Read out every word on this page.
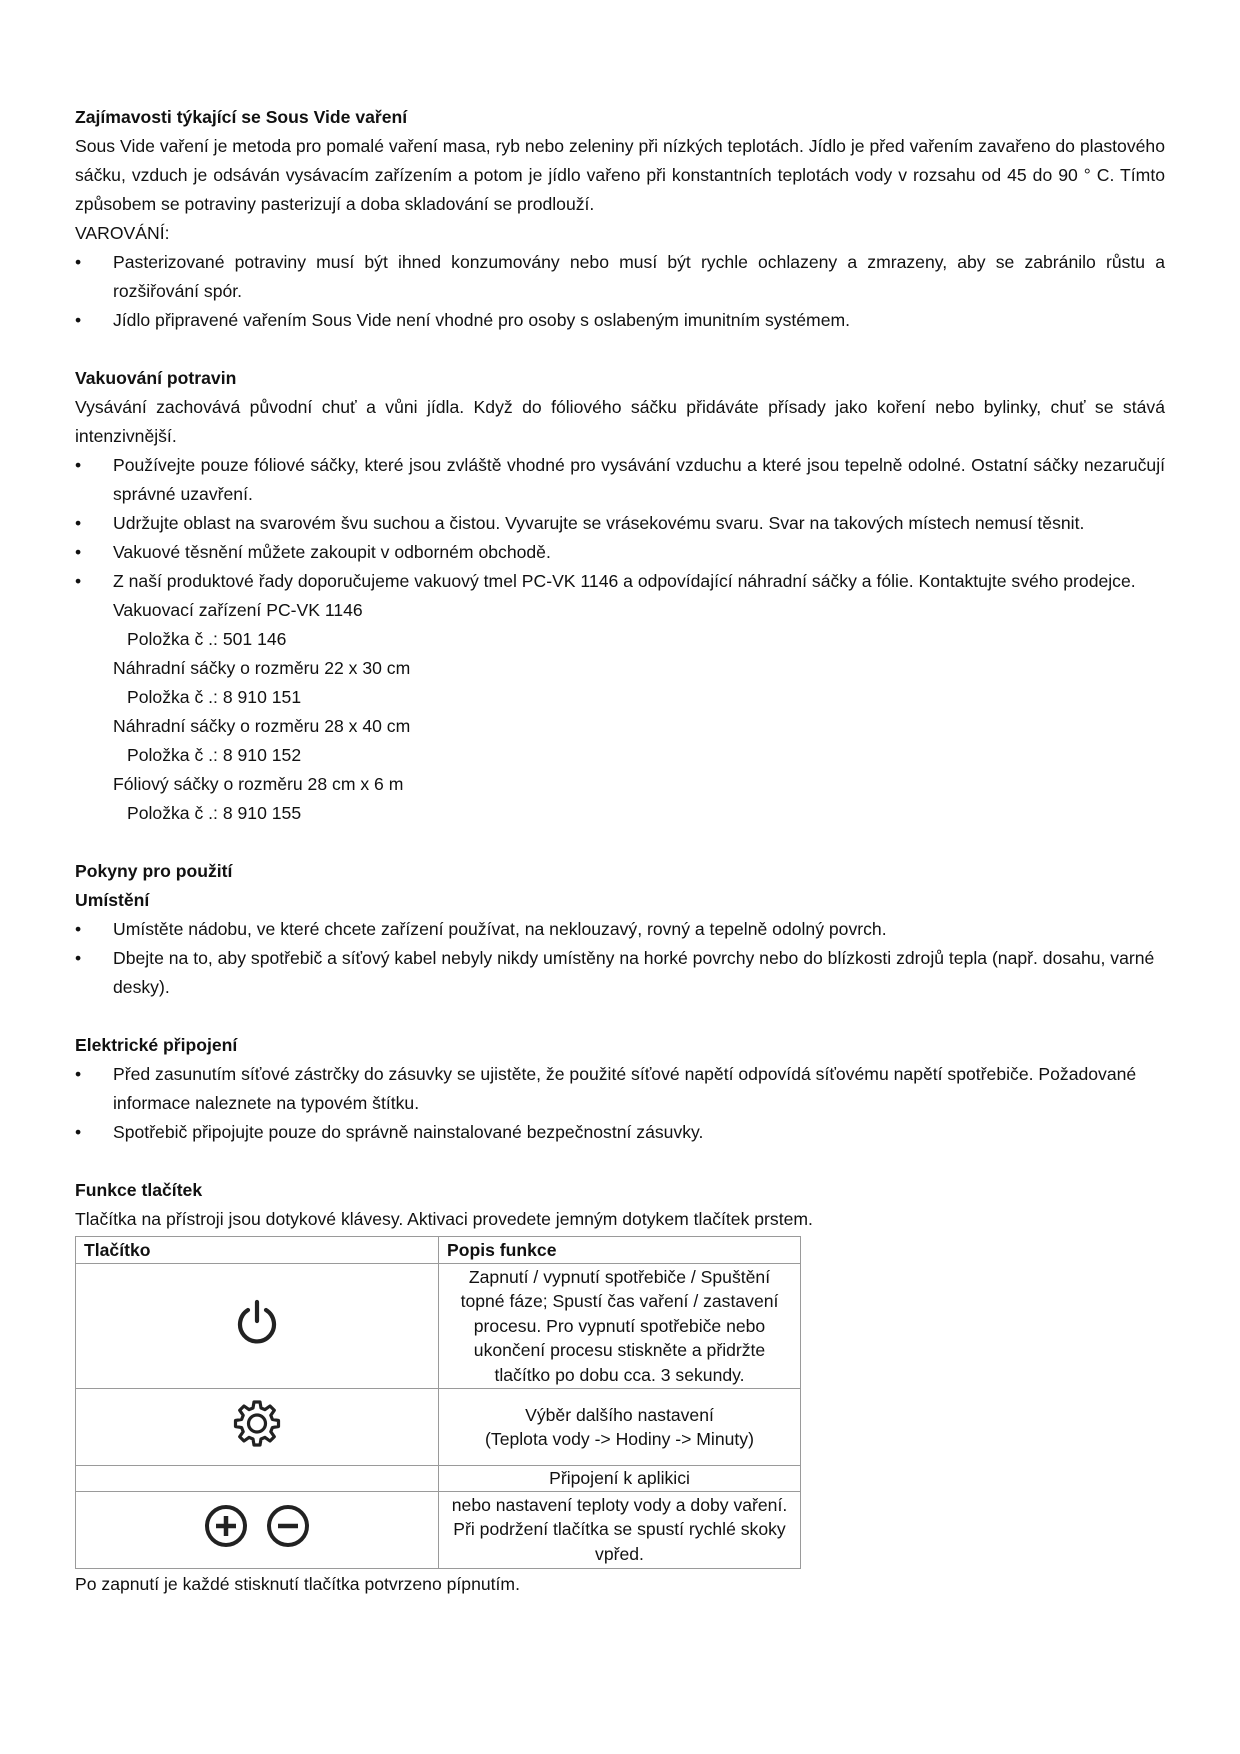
Zajímavosti týkající se Sous Vide vaření

Sous Vide vaření je metoda pro pomalé vaření masa, ryb nebo zeleniny při nízkých teplotách. Jídlo je před vařením zavařeno do plastového sáčku, vzduch je odsáván vysávacím zařízením a potom je jídlo vařeno při konstantních teplotách vody v rozsahu od 45 do 90 ° C. Tímto způsobem se potraviny pasterizují a doba skladování se prodlouží.

VAROVÁNÍ:

• Pasterizované potraviny musí být ihned konzumovány nebo musí být rychle ochlazeny a zmrazeny, aby se zabránilo růstu a rozšiřování spór.

• Jídlo připravené vařením Sous Vide není vhodné pro osoby s oslabeným imunitním systémem.

Vakuování potravin

Vysávání zachovává původní chuť a vůni jídla. Když do fóliového sáčku přidáváte přísady jako koření nebo bylinky, chuť se stává intenzivnější.

• Používejte pouze fóliové sáčky, které jsou zvláště vhodné pro vysávání vzduchu a které jsou tepelně odolné. Ostatní sáčky nezaručují správné uzavření.

• Udržujte oblast na svarovém švu suchou a čistou. Vyvarujte se vrásekovému svaru. Svar na takových místech nemusí těsnit.

• Vakuové těsnění můžete zakoupit v odborném obchodě.

• Z naší produktové řady doporučujeme vakuový tmel PC-VK 1146 a odpovídající náhradní sáčky a fólie. Kontaktujte svého prodejce.

Vakuovací zařízení PC-VK 1146

Položka č .: 501 146

Náhradní sáčky o rozměru 22 x 30 cm

Položka č .: 8 910 151

Náhradní sáčky o rozměru 28 x 40 cm

Položka č .: 8 910 152

Fóliový sáčky o rozměru 28 cm x 6 m

Položka č .: 8 910 155

Pokyny pro použití

Umístění

• Umístěte nádobu, ve které chcete zařízení používat, na neklouzavý, rovný a tepelně odolný povrch.

• Dbejte na to, aby spotřebič a síťový kabel nebyly nikdy umístěny na horké povrchy nebo do blízkosti zdrojů tepla (např. dosahu, varné desky).

Elektrické připojení

• Před zasunutím síťové zástrčky do zásuvky se ujistěte, že použité síťové napětí odpovídá síťovému napětí spotřebiče. Požadované informace naleznete na typovém štítku.

• Spotřebič připojujte pouze do správně nainstalované bezpečnostní zásuvky.

Funkce tlačítek

Tlačítka na přístroji jsou dotykové klávesy. Aktivaci provedete jemným dotykem tlačítek prstem.

Tlačítko	Popis funkce
	Zapnutí / vypnutí spotřebiče / Spuštění topné fáze; Spustí čas vaření / zastavení procesu. Pro vypnutí spotřebiče nebo ukončení procesu stiskněte a přidržte tlačítko po dobu cca. 3 sekundy.
	Výběr dalšího nastavení
(Teplota vody -> Hodiny -> Minuty)
	Připojení k aplikici
	nebo nastavení teploty vody a doby vaření. Při podržení tlačítka se spustí rychlé skoky vpřed.

Po zapnutí je každé stisknutí tlačítka potvrzeno pípnutím.
